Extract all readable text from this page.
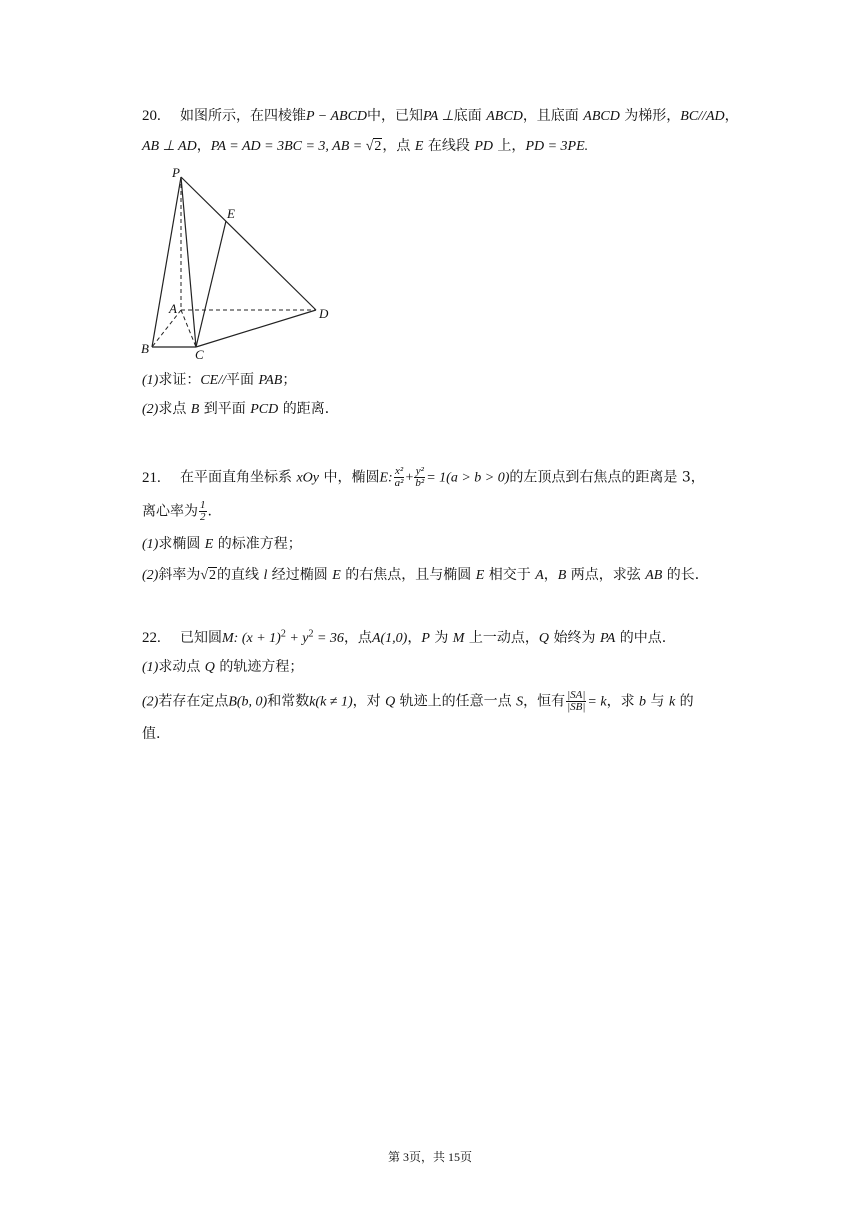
20. 如图所示，在四棱锥P − ABCD中，已知PA ⊥底面 ABCD，且底面 ABCD 为梯形，BC//AD，
AB ⊥ AD，PA = AD = 3BC = 3, AB = √2，点 E 在线段 PD 上，PD = 3PE.
P
E
A	D
B	C
(1)求证：CE//平面 PAB；
(2)求点 B 到平面 PCD 的距离．
21. 在平面直角坐标系 xOy 中，椭圆E: $\frac{\text{x²}}{\text{a²}} + \frac{\text{y²}}{\text{b²}} = 1(a > b > 0)$的左顶点到右焦点的距离是 3，
离心率为 $\frac{1}{2}$ .
(1)求椭圆 E 的标准方程；
(2)斜率为√2的直线 l 经过椭圆 E 的右焦点，且与椭圆 E 相交于 A，B 两点，求弦 AB 的长．
22. 已知圆M: $(x + 1)^2 + y^2 = 36$，点A(1,0)，P 为 M 上一动点，Q 始终为 PA 的中点.
(1)求动点 Q 的轨迹方程；
(2)若存在定点B(b, 0)和常数k(k ≠ 1)，对 Q 轨迹上的任意一点 S，恒有 $\frac{|SA|}{|SB|} = k$，求 b 与 k 的
值.
第 3页，共 15页
